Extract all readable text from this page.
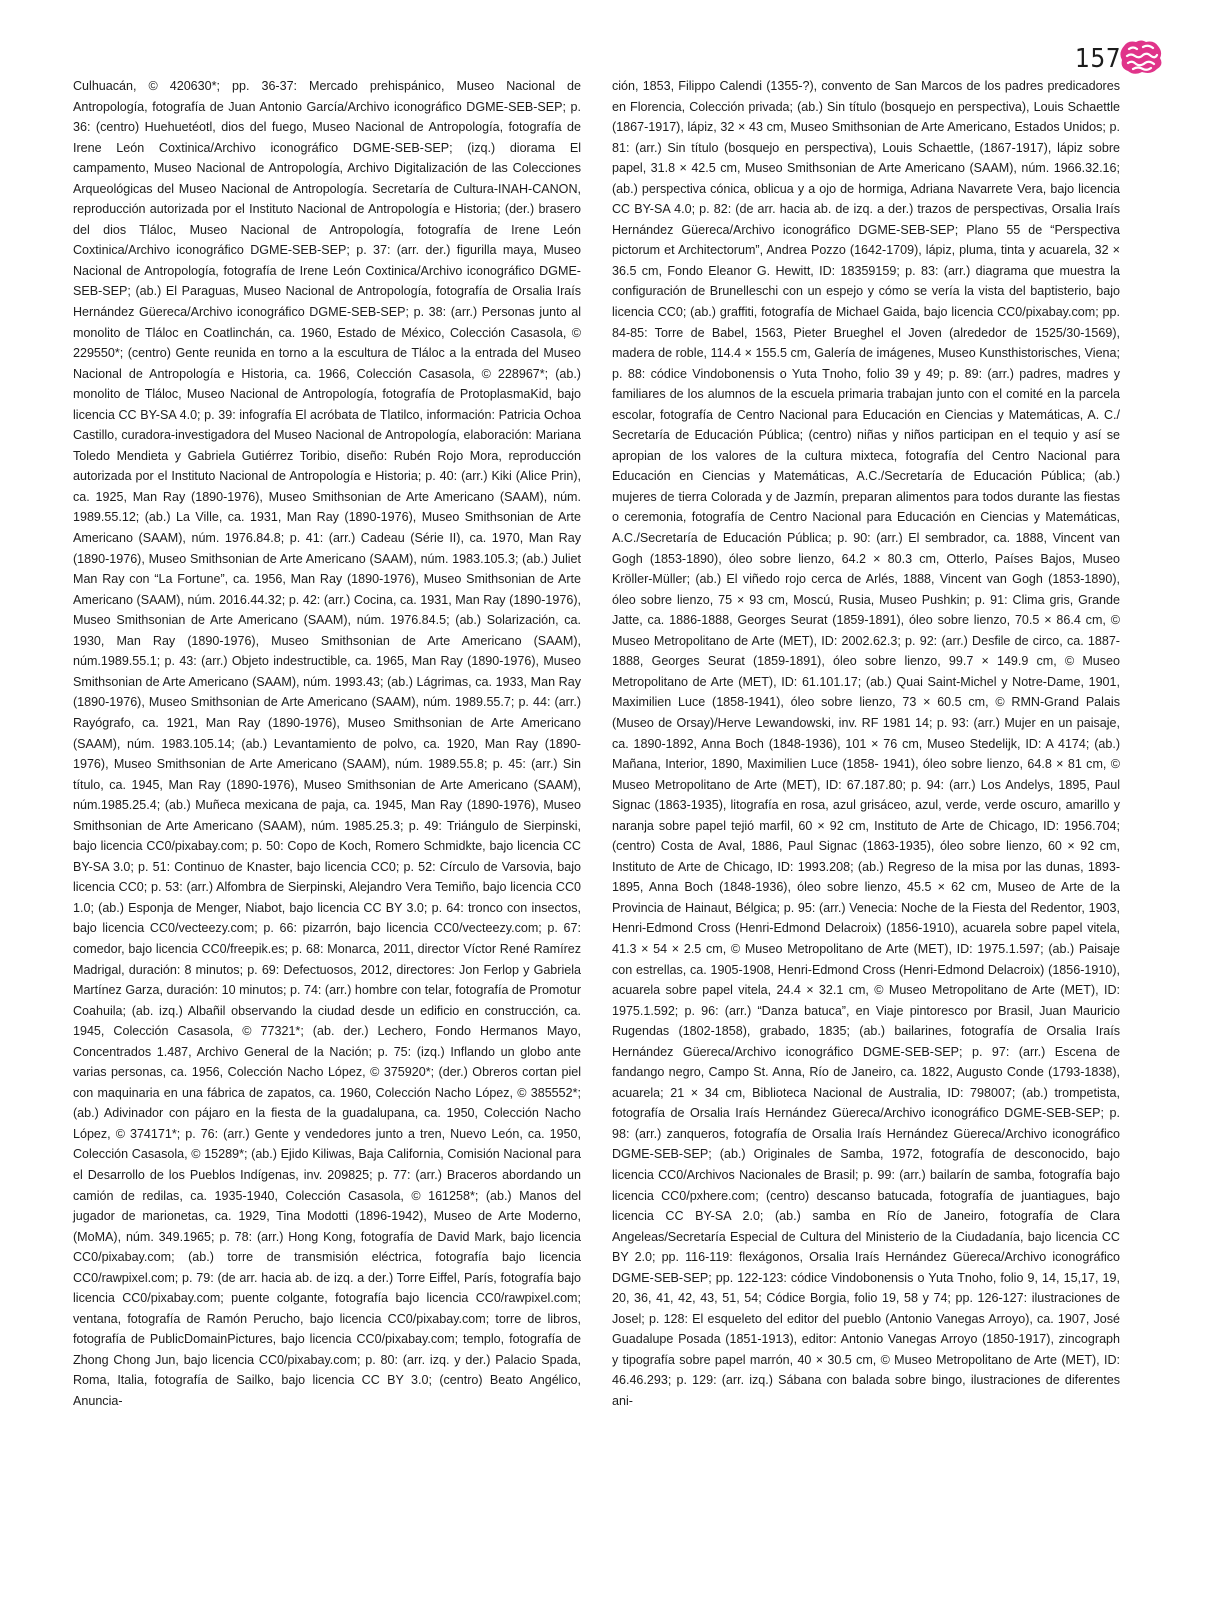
157

Culhuacán, © 420630*; pp. 36-37: Mercado prehispánico, Museo Nacional de Antropología, fotografía de Juan Antonio García/Archivo iconográfico DGME-SEB-SEP; p. 36: (centro) Huehuetéotl, dios del fuego, Museo Nacional de Antropología, fotografía de Irene León Coxtinica/Archivo iconográfico DGME-SEB-SEP; (izq.) diorama El campamento, Museo Nacional de Antropología, Archivo Digitalización de las Colecciones Arqueológicas del Museo Nacional de Antropología. Secretaría de Cultura-INAH-CANON, reproducción autorizada por el Instituto Nacional de Antropología e Historia; (der.) brasero del dios Tláloc, Museo Nacional de Antropología, fotografía de Irene León Coxtinica/Archivo iconográfico DGME-SEB-SEP; p. 37: (arr. der.) figurilla maya, Museo Nacional de Antropología, fotografía de Irene León Coxtinica/Archivo iconográfico DGME-SEB-SEP; (ab.) El Paraguas, Museo Nacional de Antropología, fotografía de Orsalia Iraís Hernández Güereca/Archivo iconográfico DGME-SEB-SEP; p. 38: (arr.) Personas junto al monolito de Tláloc en Coatlinchán, ca. 1960, Estado de México, Colección Casasola, © 229550*; (centro) Gente reunida en torno a la escultura de Tláloc a la entrada del Museo Nacional de Antropología e Historia, ca. 1966, Colección Casasola, © 228967*; (ab.) monolito de Tláloc, Museo Nacional de Antropología, fotografía de ProtoplasmaKid, bajo licencia CC BY-SA 4.0; p. 39: infografía El acróbata de Tlatilco, información: Patricia Ochoa Castillo, curadora-investigadora del Museo Nacional de Antropología, elaboración: Mariana Toledo Mendieta y Gabriela Gutiérrez Toribio, diseño: Rubén Rojo Mora, reproducción autorizada por el Instituto Nacional de Antropología e Historia; p. 40: (arr.) Kiki (Alice Prin), ca. 1925, Man Ray (1890-1976), Museo Smithsonian de Arte Americano (SAAM), núm. 1989.55.12; (ab.) La Ville, ca. 1931, Man Ray (1890-1976), Museo Smithsonian de Arte Americano (SAAM), núm. 1976.84.8; p. 41: (arr.) Cadeau (Série II), ca. 1970, Man Ray (1890-1976), Museo Smithsonian de Arte Americano (SAAM), núm. 1983.105.3; (ab.) Juliet Man Ray con “La Fortune”, ca. 1956, Man Ray (1890-1976), Museo Smithsonian de Arte Americano (SAAM), núm. 2016.44.32; p. 42: (arr.) Cocina, ca. 1931, Man Ray (1890-1976), Museo Smithsonian de Arte Americano (SAAM), núm. 1976.84.5; (ab.) Solarización, ca. 1930, Man Ray (1890-1976), Museo Smithsonian de Arte Americano (SAAM), núm.1989.55.1; p. 43: (arr.) Objeto indestructible, ca. 1965, Man Ray (1890-1976), Museo Smithsonian de Arte Americano (SAAM), núm. 1993.43; (ab.) Lágrimas, ca. 1933, Man Ray (1890-1976), Museo Smithsonian de Arte Americano (SAAM), núm. 1989.55.7; p. 44: (arr.) Rayógrafo, ca. 1921, Man Ray (1890-1976), Museo Smithsonian de Arte Americano (SAAM), núm. 1983.105.14; (ab.) Levantamiento de polvo, ca. 1920, Man Ray (1890-1976), Museo Smithsonian de Arte Americano (SAAM), núm. 1989.55.8; p. 45: (arr.) Sin título, ca. 1945, Man Ray (1890-1976), Museo Smithsonian de Arte Americano (SAAM), núm.1985.25.4; (ab.) Muñeca mexicana de paja, ca. 1945, Man Ray (1890-1976), Museo Smithsonian de Arte Americano (SAAM), núm. 1985.25.3; p. 49: Triángulo de Sierpinski, bajo licencia CC0/pixabay.com; p. 50: Copo de Koch, Romero Schmidkte, bajo licencia CC BY-SA 3.0; p. 51: Continuo de Knaster, bajo licencia CC0; p. 52: Círculo de Varsovia, bajo licencia CC0; p. 53: (arr.) Alfombra de Sierpinski, Alejandro Vera Temiño, bajo licencia CC0 1.0; (ab.) Esponja de Menger, Niabot, bajo licencia CC BY 3.0; p. 64: tronco con insectos, bajo licencia CC0/vecteezy.com; p. 66: pizarrón, bajo licencia CC0/vecteezy.com; p. 67: comedor, bajo licencia CC0/freepik.es; p. 68: Monarca, 2011, director Víctor René Ramírez Madrigal, duración: 8 minutos; p. 69: Defectuosos, 2012, directores: Jon Ferlop y Gabriela Martínez Garza, duración: 10 minutos; p. 74: (arr.) hombre con telar, fotografía de Promotur Coahuila; (ab. izq.) Albañil observando la ciudad desde un edificio en construcción, ca. 1945, Colección Casasola, © 77321*; (ab. der.) Lechero, Fondo Hermanos Mayo, Concentrados 1.487, Archivo General de la Nación; p. 75: (izq.) Inflando un globo ante varias personas, ca. 1956, Colección Nacho López, © 375920*; (der.) Obreros cortan piel con maquinaria en una fábrica de zapatos, ca. 1960, Colección Nacho López, © 385552*; (ab.) Adivinador con pájaro en la fiesta de la guadalupana, ca. 1950, Colección Nacho López, © 374171*; p. 76: (arr.) Gente y vendedores junto a tren, Nuevo León, ca. 1950, Colección Casasola, © 15289*; (ab.) Ejido Kiliwas, Baja California, Comisión Nacional para el Desarrollo de los Pueblos Indígenas, inv. 209825; p. 77: (arr.) Braceros abordando un camión de redilas, ca. 1935-1940, Colección Casasola, © 161258*; (ab.) Manos del jugador de marionetas, ca. 1929, Tina Modotti (1896-1942), Museo de Arte Moderno, (MoMA), núm. 349.1965; p. 78: (arr.) Hong Kong, fotografía de David Mark, bajo licencia CC0/pixabay.com; (ab.) torre de transmisión eléctrica, fotografía bajo licencia CC0/rawpixel.com; p. 79: (de arr. hacia ab. de izq. a der.) Torre Eiffel, París, fotografía bajo licencia CC0/pixabay.com; puente colgante, fotografía bajo licencia CC0/rawpixel.com; ventana, fotografía de Ramón Perucho, bajo licencia CC0/pixabay.com; torre de libros, fotografía de PublicDomainPictures, bajo licencia CC0/pixabay.com; templo, fotografía de Zhong Chong Jun, bajo licencia CC0/pixabay.com; p. 80: (arr. izq. y der.) Palacio Spada, Roma, Italia, fotografía de Sailko, bajo licencia CC BY 3.0; (centro) Beato Angélico, Anuncia-

ción, 1853, Filippo Calendi (1355-?), convento de San Marcos de los padres predicadores en Florencia, Colección privada; (ab.) Sin título (bosquejo en perspectiva), Louis Schaettle (1867-1917), lápiz, 32 × 43 cm, Museo Smithsonian de Arte Americano, Estados Unidos; p. 81: (arr.) Sin título (bosquejo en perspectiva), Louis Schaettle, (1867-1917), lápiz sobre papel, 31.8 × 42.5 cm, Museo Smithsonian de Arte Americano (SAAM), núm. 1966.32.16; (ab.) perspectiva cónica, oblicua y a ojo de hormiga, Adriana Navarrete Vera, bajo licencia CC BY-SA 4.0; p. 82: (de arr. hacia ab. de izq. a der.) trazos de perspectivas, Orsalia Iraís Hernández Güereca/Archivo iconográfico DGME-SEB-SEP; Plano 55 de “Perspectiva pictorum et Architectorum”, Andrea Pozzo (1642-1709), lápiz, pluma, tinta y acuarela, 32 × 36.5 cm, Fondo Eleanor G. Hewitt, ID: 18359159; p. 83: (arr.) diagrama que muestra la configuración de Brunelleschi con un espejo y cómo se vería la vista del baptisterio, bajo licencia CC0; (ab.) graffiti, fotografía de Michael Gaida, bajo licencia CC0/pixabay.com; pp. 84-85: Torre de Babel, 1563, Pieter Brueghel el Joven (alrededor de 1525/30-1569), madera de roble, 114.4 × 155.5 cm, Galería de imágenes, Museo Kunsthistorisches, Viena; p. 88: códice Vindobonensis o Yuta Tnoho, folio 39 y 49; p. 89: (arr.) padres, madres y familiares de los alumnos de la escuela primaria trabajan junto con el comité en la parcela escolar, fotografía de Centro Nacional para Educación en Ciencias y Matemáticas, A. C./ Secretaría de Educación Pública; (centro) niñas y niños participan en el tequio y así se apropian de los valores de la cultura mixteca, fotografía del Centro Nacional para Educación en Ciencias y Matemáticas, A.C./Secretaría de Educación Pública; (ab.) mujeres de tierra Colorada y de Jazmín, preparan alimentos para todos durante las fiestas o ceremonia, fotografía de Centro Nacional para Educación en Ciencias y Matemáticas, A.C./Secretaría de Educación Pública; p. 90: (arr.) El sembrador, ca. 1888, Vincent van Gogh (1853-1890), óleo sobre lienzo, 64.2 × 80.3 cm, Otterlo, Países Bajos, Museo Kröller-Müller; (ab.) El viñedo rojo cerca de Arlés, 1888, Vincent van Gogh (1853-1890), óleo sobre lienzo, 75 × 93 cm, Moscú, Rusia, Museo Pushkin; p. 91: Clima gris, Grande Jatte, ca. 1886-1888, Georges Seurat (1859-1891), óleo sobre lienzo, 70.5 × 86.4 cm, © Museo Metropolitano de Arte (MET), ID: 2002.62.3; p. 92: (arr.) Desfile de circo, ca. 1887-1888, Georges Seurat (1859-1891), óleo sobre lienzo, 99.7 × 149.9 cm, © Museo Metropolitano de Arte (MET), ID: 61.101.17; (ab.) Quai Saint-Michel y Notre-Dame, 1901, Maximilien Luce (1858-1941), óleo sobre lienzo, 73 × 60.5 cm, © RMN-Grand Palais (Museo de Orsay)/Herve Lewandowski, inv. RF 1981 14; p. 93: (arr.) Mujer en un paisaje, ca. 1890-1892, Anna Boch (1848-1936), 101 × 76 cm, Museo Stedelijk, ID: A 4174; (ab.) Mañana, Interior, 1890, Maximilien Luce (1858- 1941), óleo sobre lienzo, 64.8 × 81 cm, © Museo Metropolitano de Arte (MET), ID: 67.187.80; p. 94: (arr.) Los Andelys, 1895, Paul Signac (1863-1935), litografía en rosa, azul grisáceo, azul, verde, verde oscuro, amarillo y naranja sobre papel tejió marfil, 60 × 92 cm, Instituto de Arte de Chicago, ID: 1956.704; (centro) Costa de Aval, 1886, Paul Signac (1863-1935), óleo sobre lienzo, 60 × 92 cm, Instituto de Arte de Chicago, ID: 1993.208; (ab.) Regreso de la misa por las dunas, 1893-1895, Anna Boch (1848-1936), óleo sobre lienzo, 45.5 × 62 cm, Museo de Arte de la Provincia de Hainaut, Bélgica; p. 95: (arr.) Venecia: Noche de la Fiesta del Redentor, 1903, Henri-Edmond Cross (Henri-Edmond Delacroix) (1856-1910), acuarela sobre papel vitela, 41.3 × 54 × 2.5 cm, © Museo Metropolitano de Arte (MET), ID: 1975.1.597; (ab.) Paisaje con estrellas, ca. 1905-1908, Henri-Edmond Cross (Henri-Edmond Delacroix) (1856-1910), acuarela sobre papel vitela, 24.4 × 32.1 cm, © Museo Metropolitano de Arte (MET), ID: 1975.1.592; p. 96: (arr.) “Danza batuca”, en Viaje pintoresco por Brasil, Juan Mauricio Rugendas (1802-1858), grabado, 1835; (ab.) bailarines, fotografía de Orsalia Iraís Hernández Güereca/Archivo iconográfico DGME-SEB-SEP; p. 97: (arr.) Escena de fandango negro, Campo St. Anna, Río de Janeiro, ca. 1822, Augusto Conde (1793-1838), acuarela; 21 × 34 cm, Biblioteca Nacional de Australia, ID: 798007; (ab.) trompetista, fotografía de Orsalia Iraís Hernández Güereca/Archivo iconográfico DGME-SEB-SEP; p. 98: (arr.) zanqueros, fotografía de Orsalia Iraís Hernández Güereca/Archivo iconográfico DGME-SEB-SEP; (ab.) Originales de Samba, 1972, fotografía de desconocido, bajo licencia CC0/Archivos Nacionales de Brasil; p. 99: (arr.) bailarín de samba, fotografía bajo licencia CC0/pxhere.com; (centro) descanso batucada, fotografía de juantiagues, bajo licencia CC BY-SA 2.0; (ab.) samba en Río de Janeiro, fotografía de Clara Angeleas/Secretaría Especial de Cultura del Ministerio de la Ciudadanía, bajo licencia CC BY 2.0; pp. 116-119: flexágonos, Orsalia Iraís Hernández Güereca/Archivo iconográfico DGME-SEB-SEP; pp. 122-123: códice Vindobonensis o Yuta Tnoho, folio 9, 14, 15,17, 19, 20, 36, 41, 42, 43, 51, 54; Códice Borgia, folio 19, 58 y 74; pp. 126-127: ilustraciones de Josel; p. 128: El esqueleto del editor del pueblo (Antonio Vanegas Arroyo), ca. 1907, José Guadalupe Posada (1851-1913), editor: Antonio Vanegas Arroyo (1850-1917), zincograph y tipografía sobre papel marrón, 40 × 30.5 cm, © Museo Metropolitano de Arte (MET), ID: 46.46.293; p. 129: (arr. izq.) Sábana con balada sobre bingo, ilustraciones de diferentes ani-
